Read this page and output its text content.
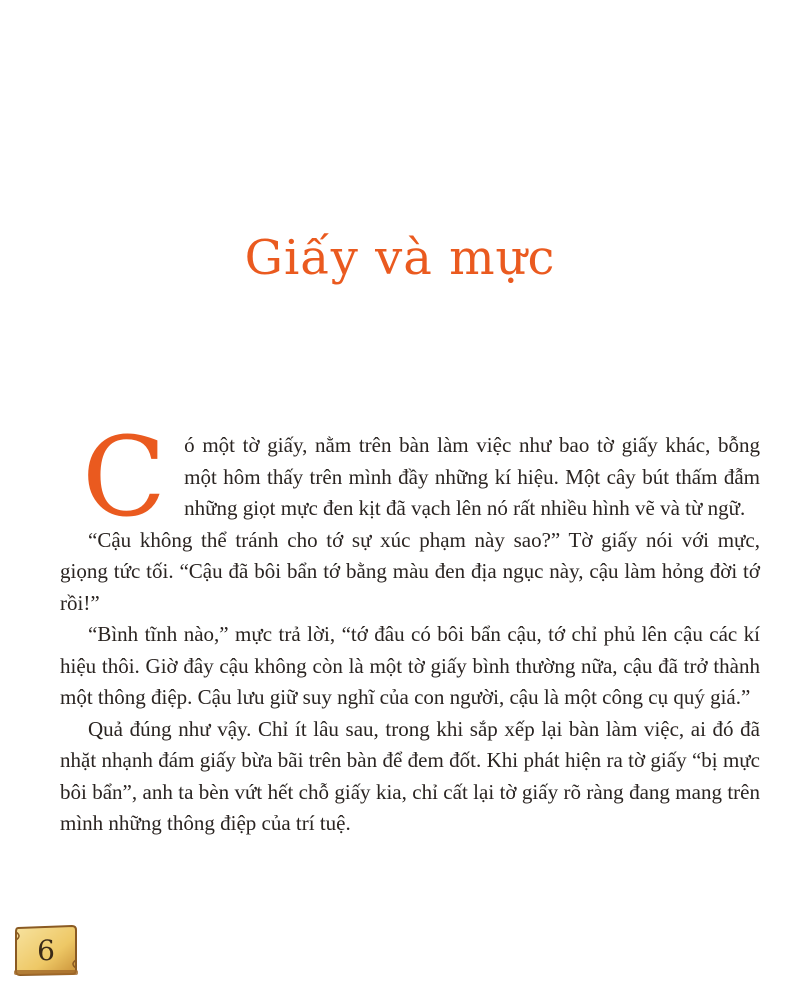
Giấy và mực

Có một tờ giấy, nằm trên bàn làm việc như bao tờ giấy khác, bỗng một hôm thấy trên mình đầy những kí hiệu. Một cây bút thấm đẫm những giọt mực đen kịt đã vạch lên nó rất nhiều hình vẽ và từ ngữ.

“Cậu không thể tránh cho tớ sự xúc phạm này sao?” Tờ giấy nói với mực, giọng tức tối. “Cậu đã bôi bẩn tớ bằng màu đen địa ngục này, cậu làm hỏng đời tớ rồi!”

“Bình tĩnh nào,” mực trả lời, “tớ đâu có bôi bẩn cậu, tớ chỉ phủ lên cậu các kí hiệu thôi. Giờ đây cậu không còn là một tờ giấy bình thường nữa, cậu đã trở thành một thông điệp. Cậu lưu giữ suy nghĩ của con người, cậu là một công cụ quý giá.”

Quả đúng như vậy. Chỉ ít lâu sau, trong khi sắp xếp lại bàn làm việc, ai đó đã nhặt nhạnh đám giấy bừa bãi trên bàn để đem đốt. Khi phát hiện ra tờ giấy “bị mực bôi bẩn”, anh ta bèn vứt hết chỗ giấy kia, chỉ cất lại tờ giấy rõ ràng đang mang trên mình những thông điệp của trí tuệ.

6
